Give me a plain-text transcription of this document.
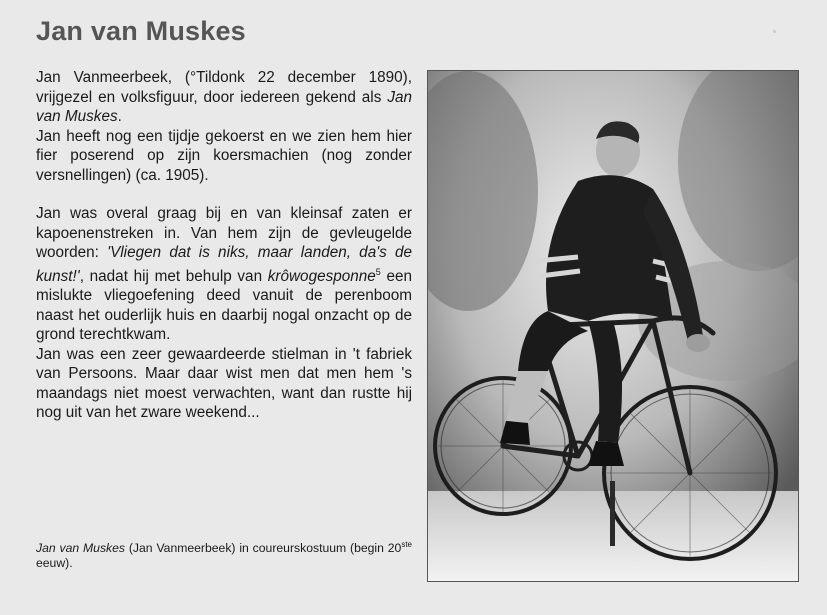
Jan van Muskes

Jan Vanmeerbeek, (°Tildonk 22 december 1890), vrijgezel en volksfiguur, door iedereen gekend als Jan van Muskes.
Jan heeft nog een tijdje gekoerst en we zien hem hier fier poserend op zijn koersmachien (nog zonder versnellingen) (ca. 1905).

Jan was overal graag bij en van kleinsaf zaten er kapoenenstreken in. Van hem zijn de gevleugelde woorden: 'Vliegen dat is niks, maar landen, da's de kunst!', nadat hij met behulp van krôwogesponne$^5$ een mislukte vliegoefening deed vanuit de perenboom naast het ouderlijk huis en daarbij nogal onzacht op de grond terechtkwam.
Jan was een zeer gewaardeerde stielman in 't fabriek van Persoons. Maar daar wist men dat men hem 's maandags niet moest verwachten, want dan rustte hij nog uit van het zware weekend...

Jan van Muskes (Jan Vanmeerbeek) in coureurskostuum (begin 20ste eeuw).
